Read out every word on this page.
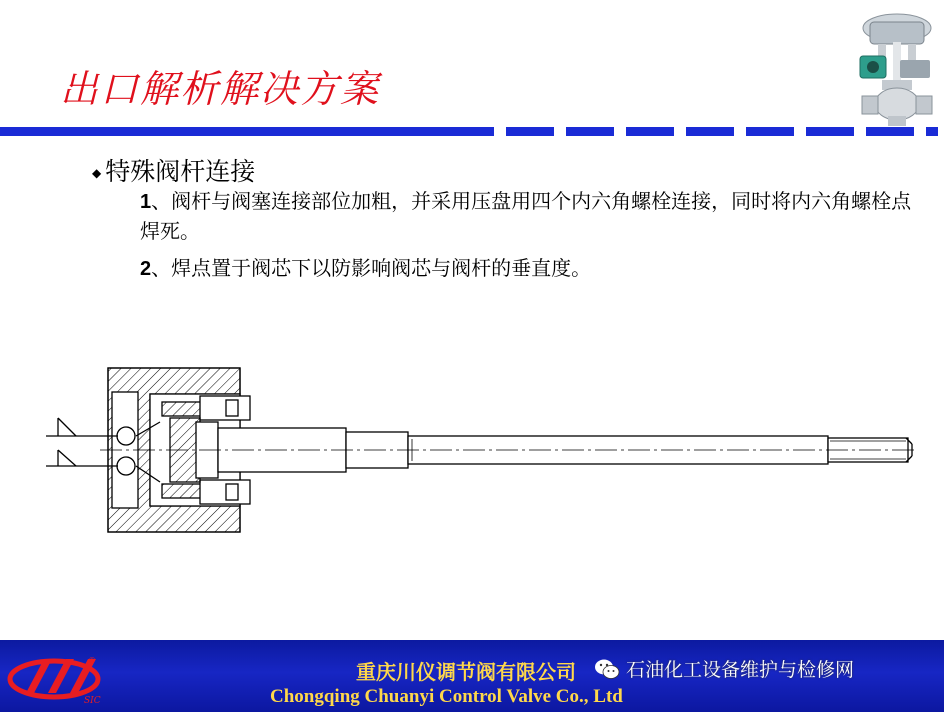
出口解析解决方案
◆ 特殊阀杆连接
1、阀杆与阀塞连接部位加粗，并采用压盘用四个内六角螺栓连接，同时将内六角螺栓点焊死。
2、焊点置于阀芯下以防影响阀芯与阀杆的垂直度。
®
SIC
重庆川仪调节阀有限公司
Chongqing Chuanyi Control Valve Co., Ltd
石油化工设备维护与检修网
